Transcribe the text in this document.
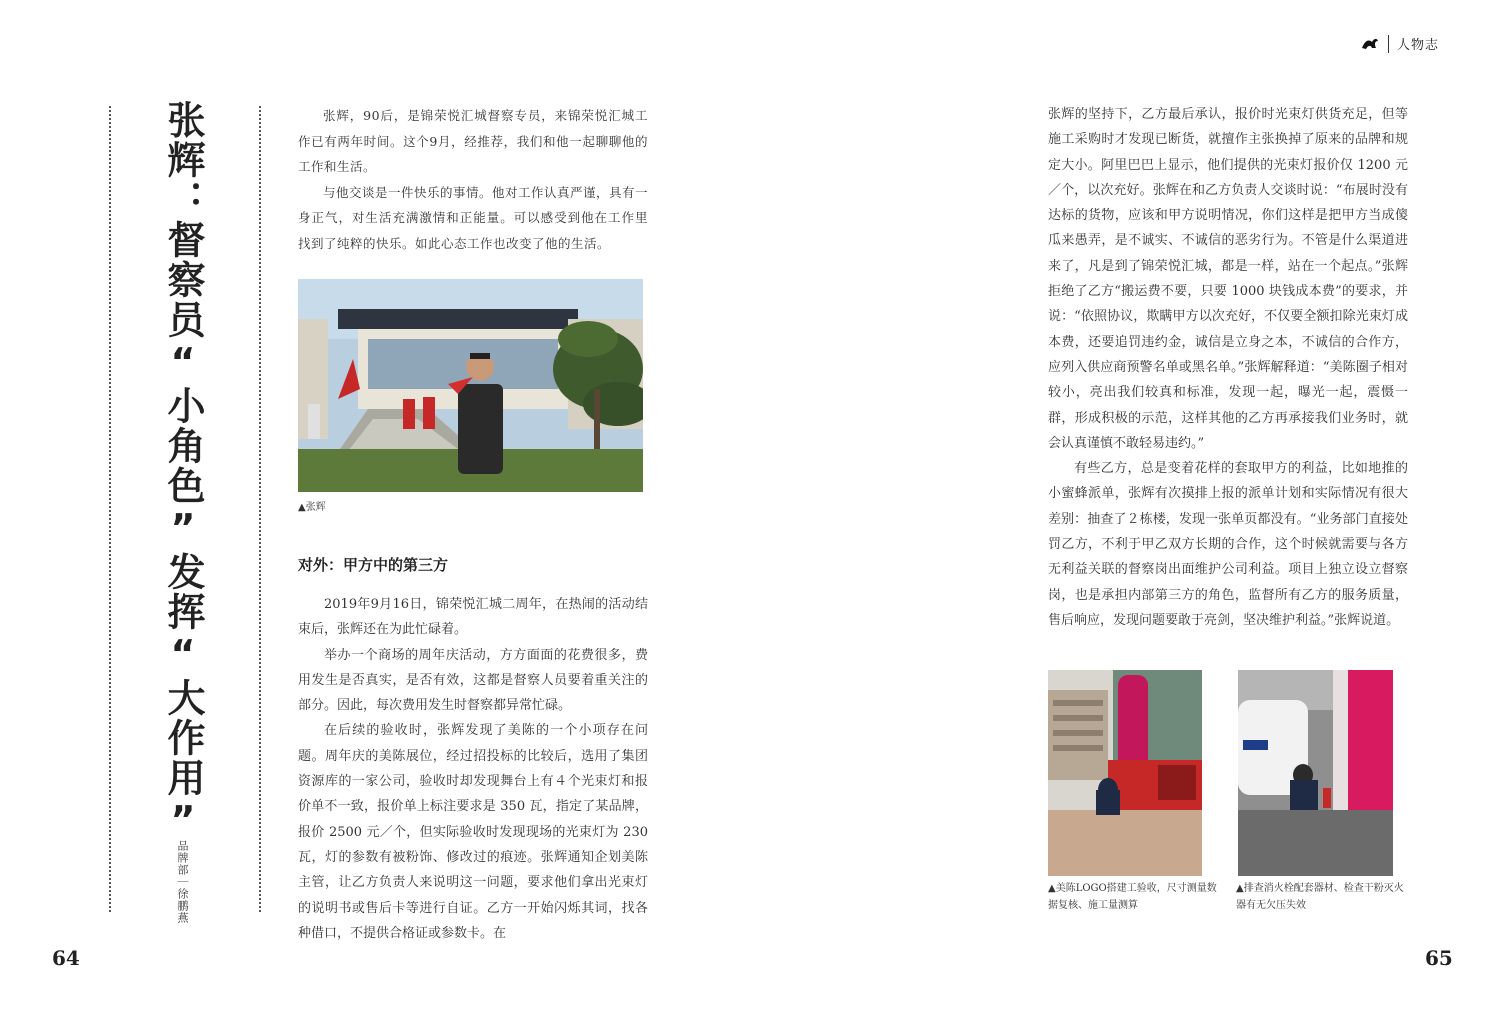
张辉：督察员“小角色”发挥“大作用”
品牌部｜徐鹏燕

张辉，90后，是锦荣悦汇城督察专员，来锦荣悦汇城工作已有两年时间。这个9月，经推荐，我们和他一起聊聊他的工作和生活。

与他交谈是一件快乐的事情。他对工作认真严谨，具有一身正气，对生活充满激情和正能量。可以感受到他在工作里找到了纯粹的快乐。如此心态工作也改变了他的生活。

▲张辉
对外：甲方中的第三方

2019年9月16日，锦荣悦汇城二周年，在热闹的活动结束后，张辉还在为此忙碌着。

举办一个商场的周年庆活动，方方面面的花费很多，费用发生是否真实，是否有效，这都是督察人员要着重关注的部分。因此，每次费用发生时督察都异常忙碌。

在后续的验收时，张辉发现了美陈的一个小项存在问题。周年庆的美陈展位，经过招投标的比较后，选用了集团资源库的一家公司，验收时却发现舞台上有４个光束灯和报价单不一致，报价单上标注要求是 350 瓦，指定了某品牌，报价 2500 元／个，但实际验收时发现现场的光束灯为 230 瓦，灯的参数有被粉饰、修改过的痕迹。张辉通知企划美陈主管，让乙方负责人来说明这一问题，要求他们拿出光束灯的说明书或售后卡等进行自证。乙方一开始闪烁其词，找各种借口，不提供合格证或参数卡。在

64
人物志

张辉的坚持下，乙方最后承认，报价时光束灯供货充足，但等施工采购时才发现已断货，就擅作主张换掉了原来的品牌和规定大小。阿里巴巴上显示，他们提供的光束灯报价仅 1200 元／个，以次充好。张辉在和乙方负责人交谈时说：“布展时没有达标的货物，应该和甲方说明情况，你们这样是把甲方当成傻瓜来愚弄，是不诚实、不诚信的恶劣行为。不管是什么渠道进来了，凡是到了锦荣悦汇城，都是一样，站在一个起点。”张辉拒绝了乙方“搬运费不要，只要 1000 块钱成本费”的要求，并说：“依照协议，欺瞒甲方以次充好，不仅要全额扣除光束灯成本费，还要追罚违约金，诚信是立身之本，不诚信的合作方，应列入供应商预警名单或黑名单。”张辉解释道：“美陈圈子相对较小，亮出我们较真和标准，发现一起，曝光一起，震慑一群，形成积极的示范，这样其他的乙方再承接我们业务时，就会认真谨慎不敢轻易违约。”

有些乙方，总是变着花样的套取甲方的利益，比如地推的小蜜蜂派单，张辉有次摸排上报的派单计划和实际情况有很大差别：抽查了２栋楼，发现一张单页都没有。“业务部门直接处罚乙方，不利于甲乙双方长期的合作，这个时候就需要与各方无利益关联的督察岗出面维护公司利益。项目上独立设立督察岗，也是承担内部第三方的角色，监督所有乙方的服务质量，售后响应，发现问题要敢于亮剑，坚决维护利益。”张辉说道。

▲美陈LOGO搭建工验收，尺寸测量数据复核、施工量测算
▲排查消火栓配套器材、检查干粉灭火器有无欠压失效
65
